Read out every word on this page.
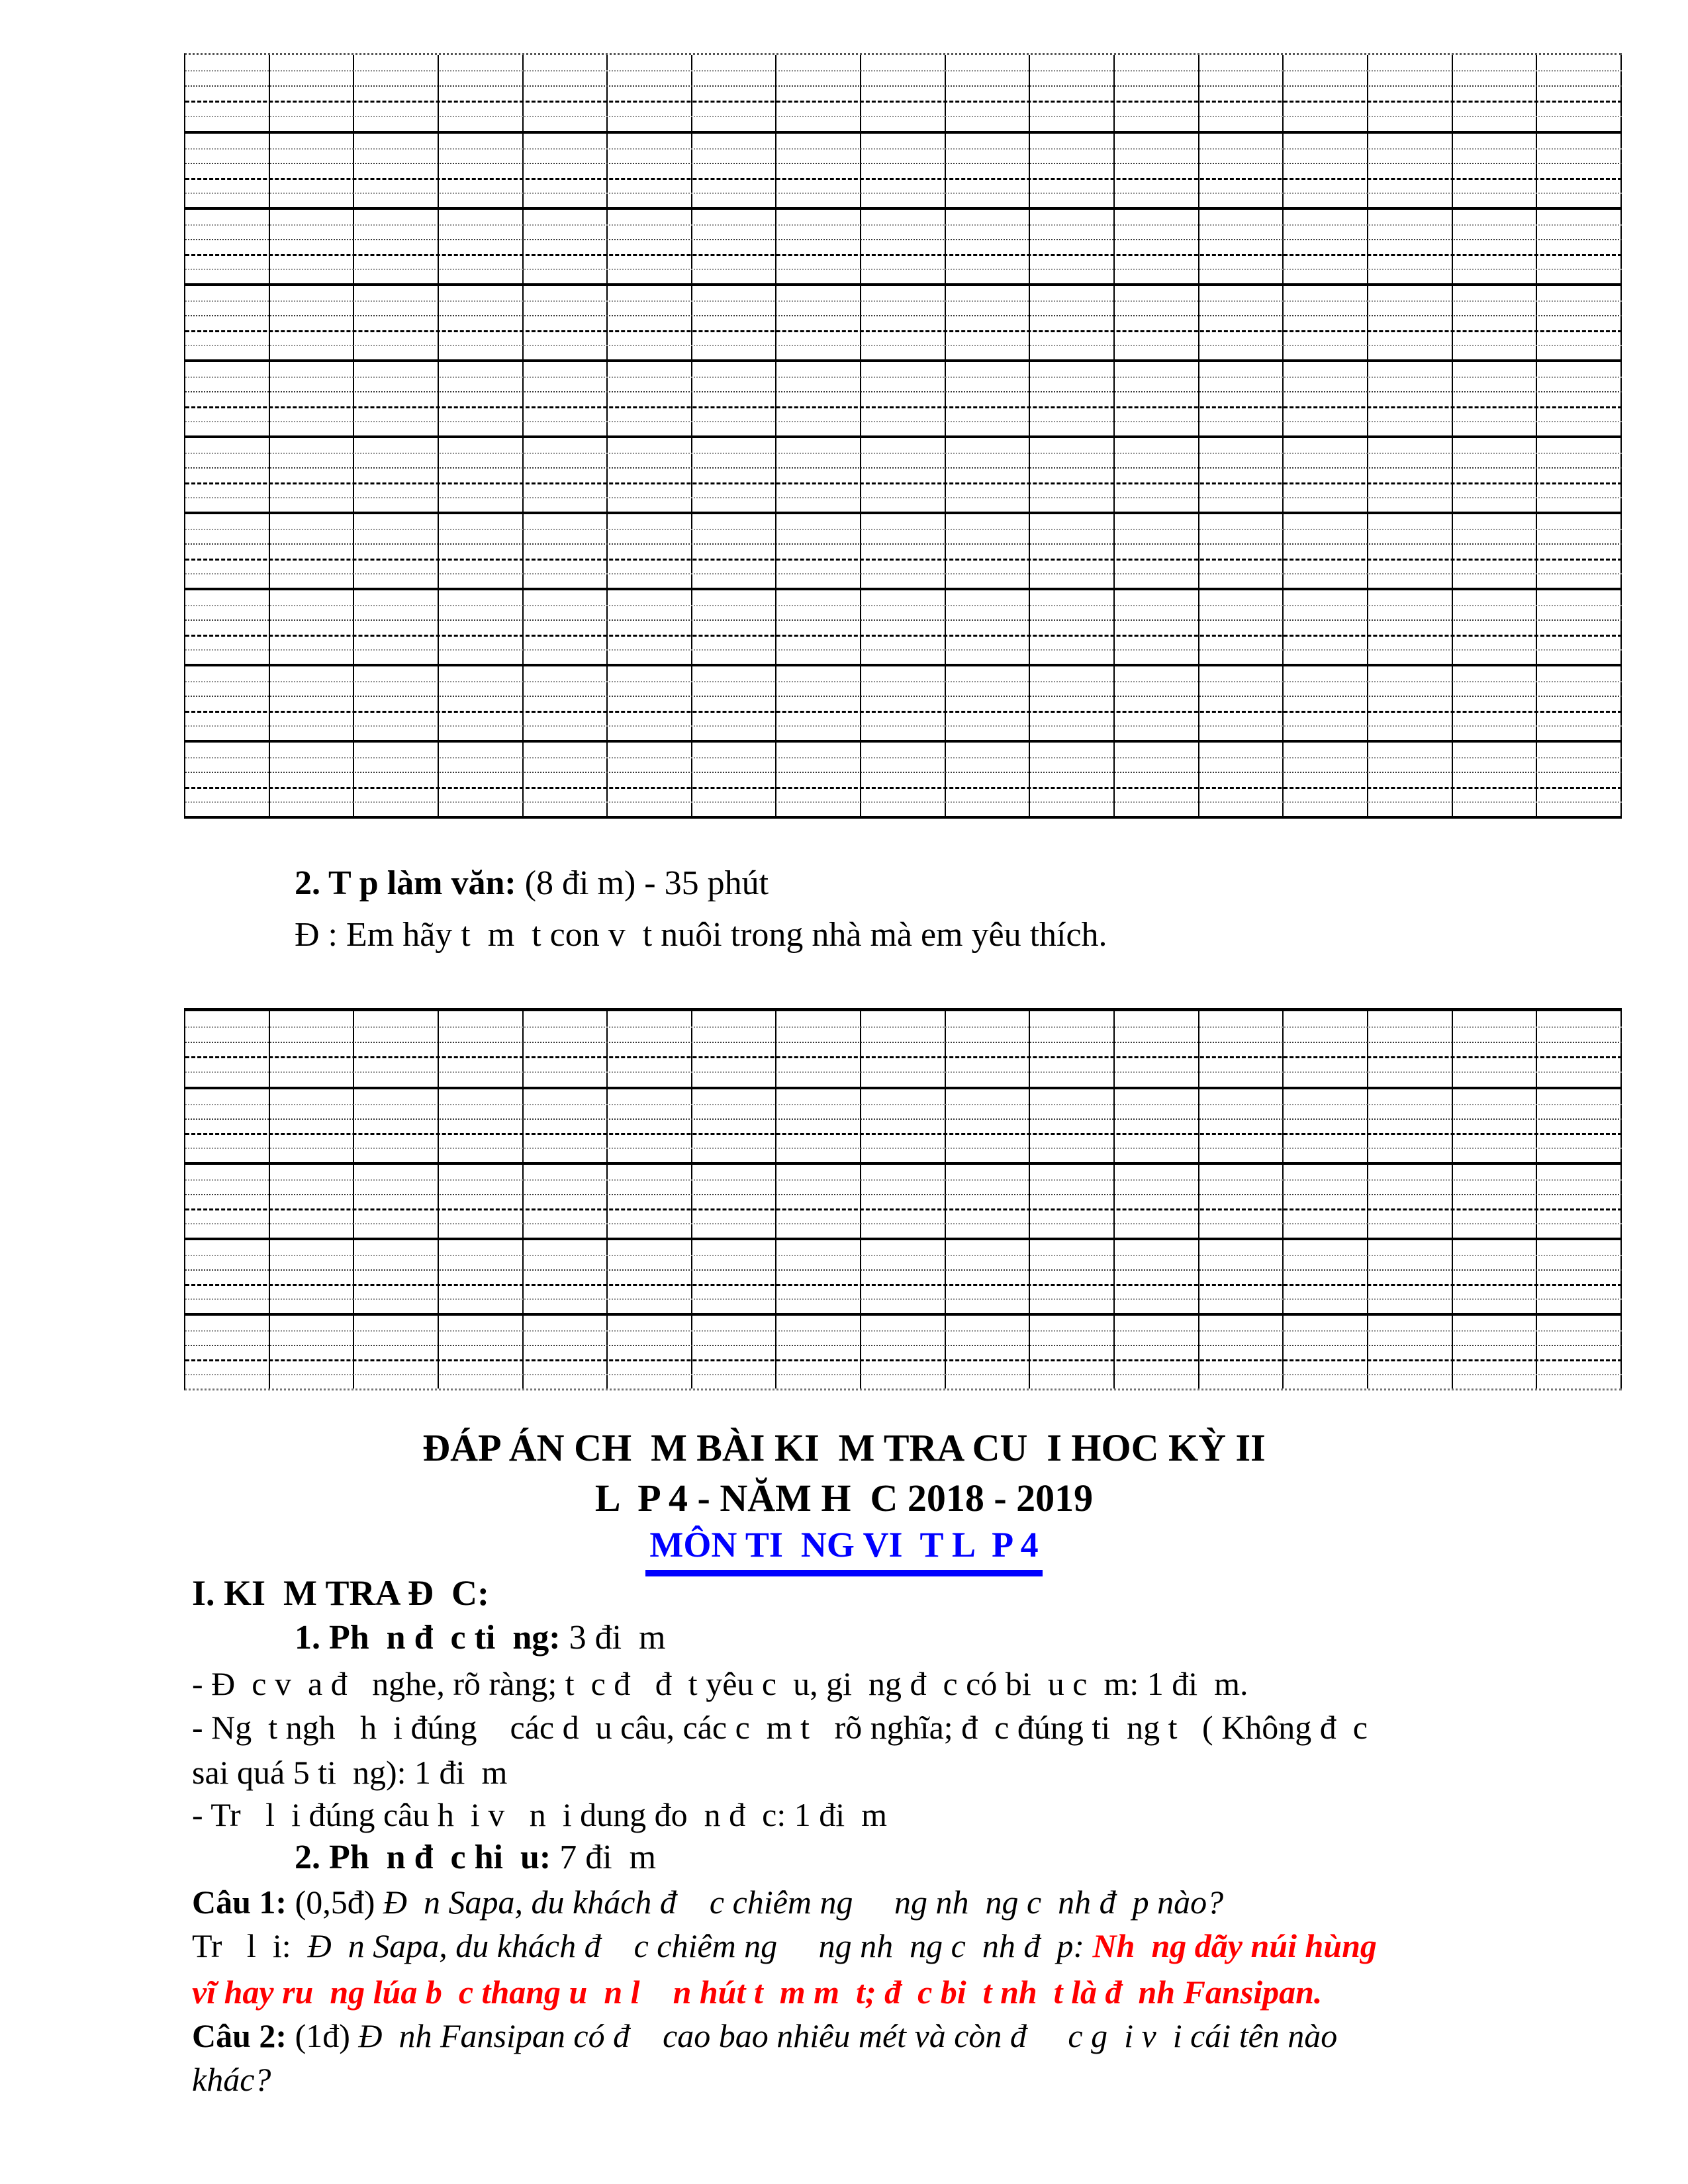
2. T p làm văn: (8 đi m) - 35 phút
Đ : Em hãy t  m  t con v  t nuôi trong nhà mà em yêu thích.
ĐÁP ÁN CH  M BÀI KI  M TRA CU  I HOC KỲ II
L  P 4 - NĂM H  C 2018 - 2019
MÔN TI  NG VI  T L  P 4
I. KI  M TRA Đ  C:
1. Ph  n đ  c ti  ng: 3 đi  m
- Đ  c v  a đ   nghe, rõ ràng; t  c đ   đ  t yêu c  u, gi  ng đ  c có bi  u c  m: 1 đi  m.
- Ng  t ngh   h  i đúng    các d  u câu, các c  m t   rõ nghĩa; đ  c đúng ti  ng t   ( Không đ  c
sai quá 5 ti  ng): 1 đi  m
- Tr   l  i đúng câu h  i v   n  i dung đo  n đ  c: 1 đi  m
2. Ph  n đ  c hi  u: 7 đi  m
Câu 1: (0,5đ) Đ  n Sapa, du khách đ    c chiêm ng     ng nh  ng c  nh đ  p nào?
Tr   l  i:  Đ  n Sapa, du khách đ    c chiêm ng     ng nh  ng c  nh đ  p: Nh  ng dãy núi hùng
vĩ hay ru  ng lúa b  c thang u  n l    n hút t  m m  t; đ  c bi  t nh  t là đ  nh Fansipan.
Câu 2: (1đ) Đ  nh Fansipan có đ    cao bao nhiêu mét và còn đ     c g  i v  i cái tên nào
khác?
